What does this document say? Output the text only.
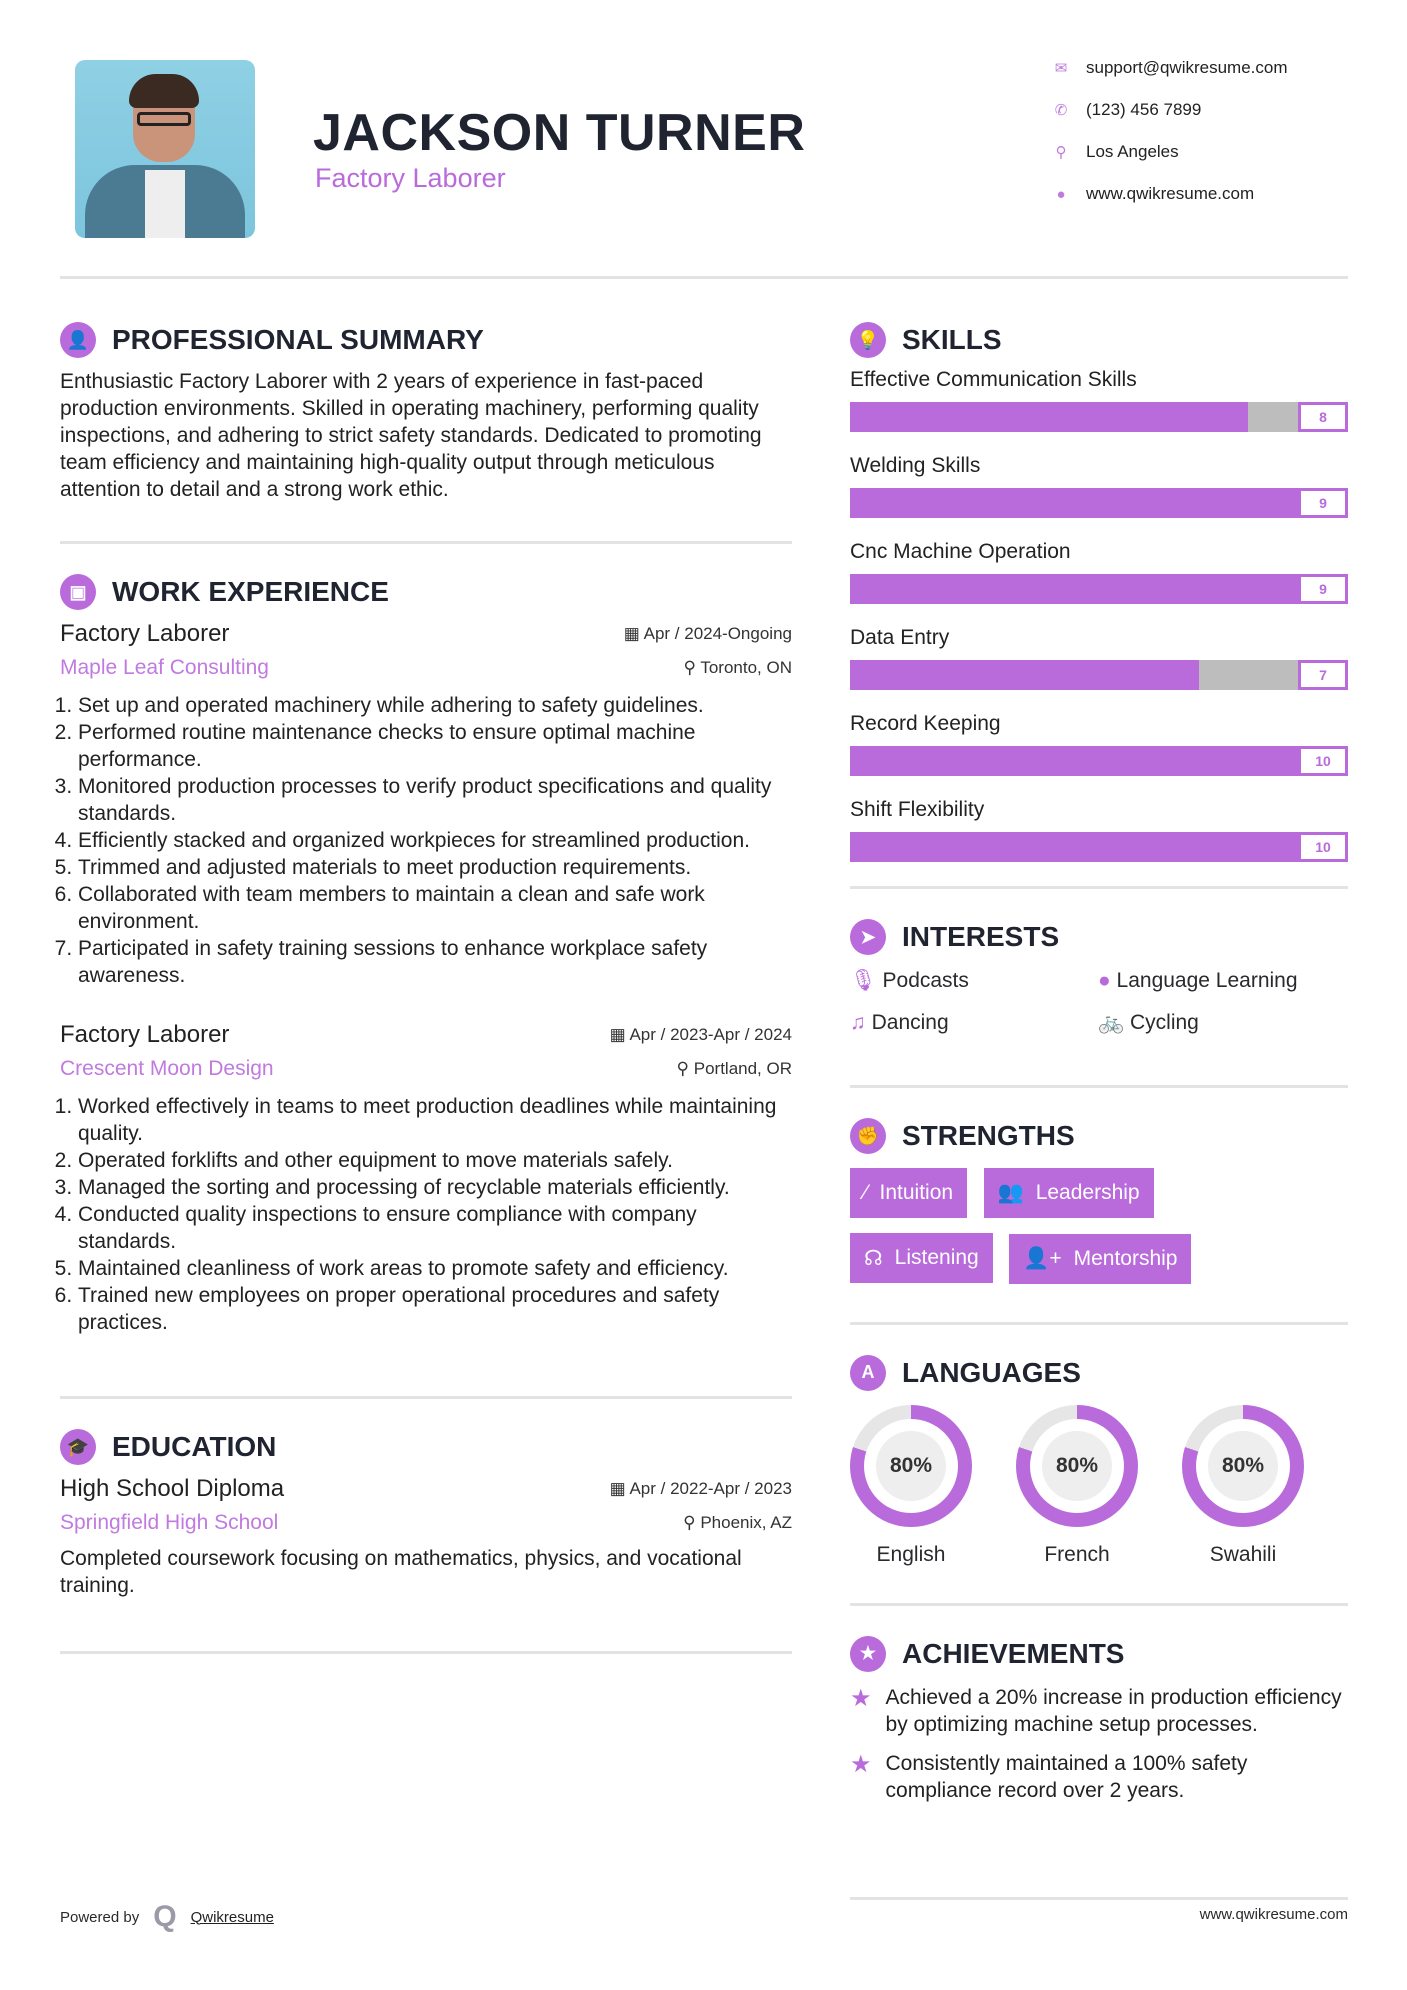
JACKSON TURNER
Factory Laborer
✉ support@qwikresume.com
✆ (123) 456 7899
⚲ Los Angeles
● www.qwikresume.com
👤 PROFESSIONAL SUMMARY

Enthusiastic Factory Laborer with 2 years of experience in fast-paced production environments. Skilled in operating machinery, performing quality inspections, and adhering to strict safety standards. Dedicated to promoting team efficiency and maintaining high-quality output through meticulous attention to detail and a strong work ethic.

▣ WORK EXPERIENCE
Factory Laborer	▦ Apr / 2024-Ongoing
Maple Leaf Consulting	⚲ Toronto, ON
1. Set up and operated machinery while adhering to safety guidelines.
2. Performed routine maintenance checks to ensure optimal machine performance.
3. Monitored production processes to verify product specifications and quality standards.
4. Efficiently stacked and organized workpieces for streamlined production.
5. Trimmed and adjusted materials to meet production requirements.
6. Collaborated with team members to maintain a clean and safe work environment.
7. Participated in safety training sessions to enhance workplace safety awareness.
Factory Laborer	▦ Apr / 2023-Apr / 2024
Crescent Moon Design	⚲ Portland, OR
1. Worked effectively in teams to meet production deadlines while maintaining quality.
2. Operated forklifts and other equipment to move materials safely.
3. Managed the sorting and processing of recyclable materials efficiently.
4. Conducted quality inspections to ensure compliance with company standards.
5. Maintained cleanliness of work areas to promote safety and efficiency.
6. Trained new employees on proper operational procedures and safety practices.
🎓 EDUCATION
High School Diploma	▦ Apr / 2022-Apr / 2023
Springfield High School	⚲ Phoenix, AZ

Completed coursework focusing on mathematics, physics, and vocational training.

💡 SKILLS
Effective Communication Skills
8
Welding Skills
9
Cnc Machine Operation
9
Data Entry
7
Record Keeping
10
Shift Flexibility
10
➤ INTERESTS
🎙 Podcasts	● Language Learning
♫ Dancing	🚲 Cycling
✊ STRENGTHS
⁄ Intuition
👥 Leadership
☊ Listening
👤+ Mentorship
A LANGUAGES
80%
English
80%
French
80%
Swahili
★ ACHIEVEMENTS
★ Achieved a 20% increase in production efficiency by optimizing machine setup processes.
★ Consistently maintained a 100% safety compliance record over 2 years.
Powered by Q Qwikresume	www.qwikresume.com
